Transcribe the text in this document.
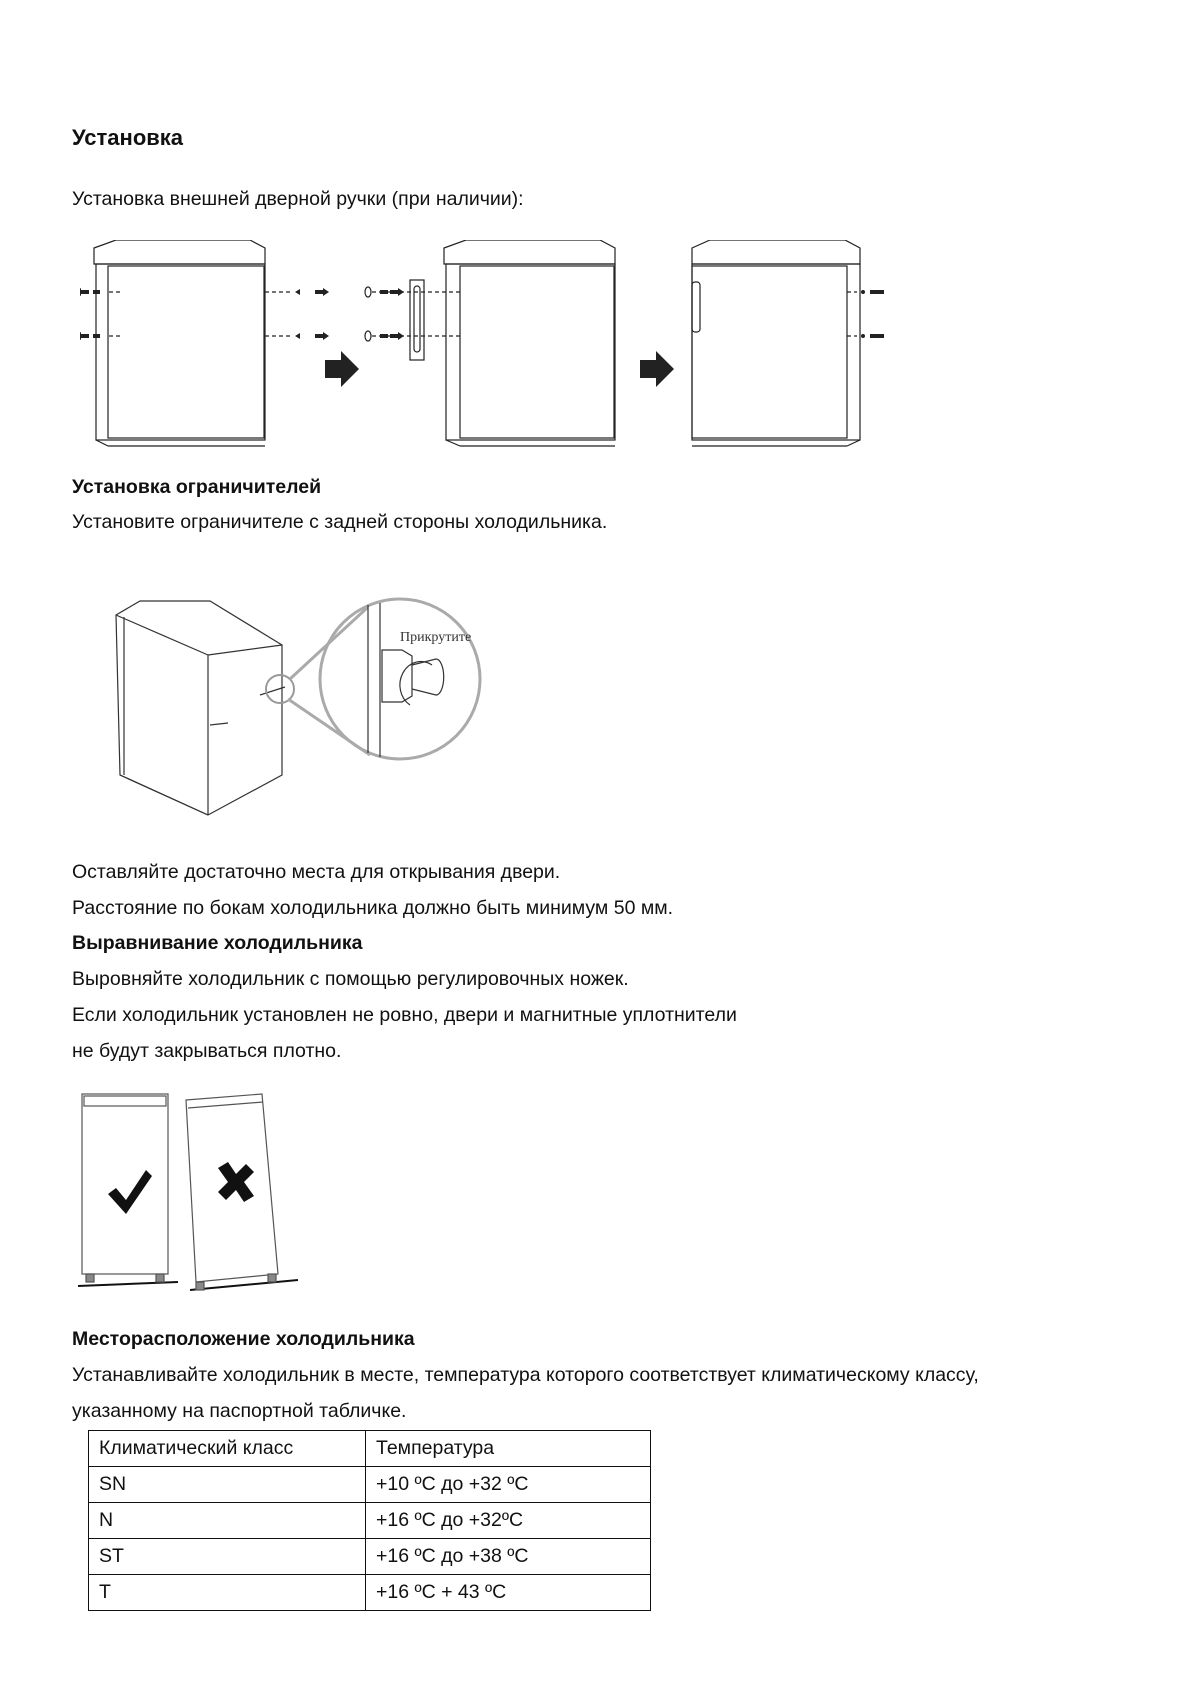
Установка
Установка внешней дверной ручки (при наличии):
Установка ограничителей
Установите ограничителе с задней стороны холодильника.
Прикрутите
Оставляйте достаточно места для открывания двери.
Расстояние по бокам холодильника должно быть минимум 50 мм.
Выравнивание холодильника
Выровняйте холодильник с помощью регулировочных ножек.
Если холодильник установлен не ровно, двери и магнитные уплотнители
не будут закрываться плотно.
Месторасположение холодильника
Устанавливайте холодильник в месте, температура которого соответствует климатическому классу,
указанному на паспортной табличке.
Климатический класс	Температура
SN	+10 ºC до +32 ºC
N	+16 ºC до +32ºC
ST	+16 ºC до +38 ºC
T	+16 ºC + 43 ºC
